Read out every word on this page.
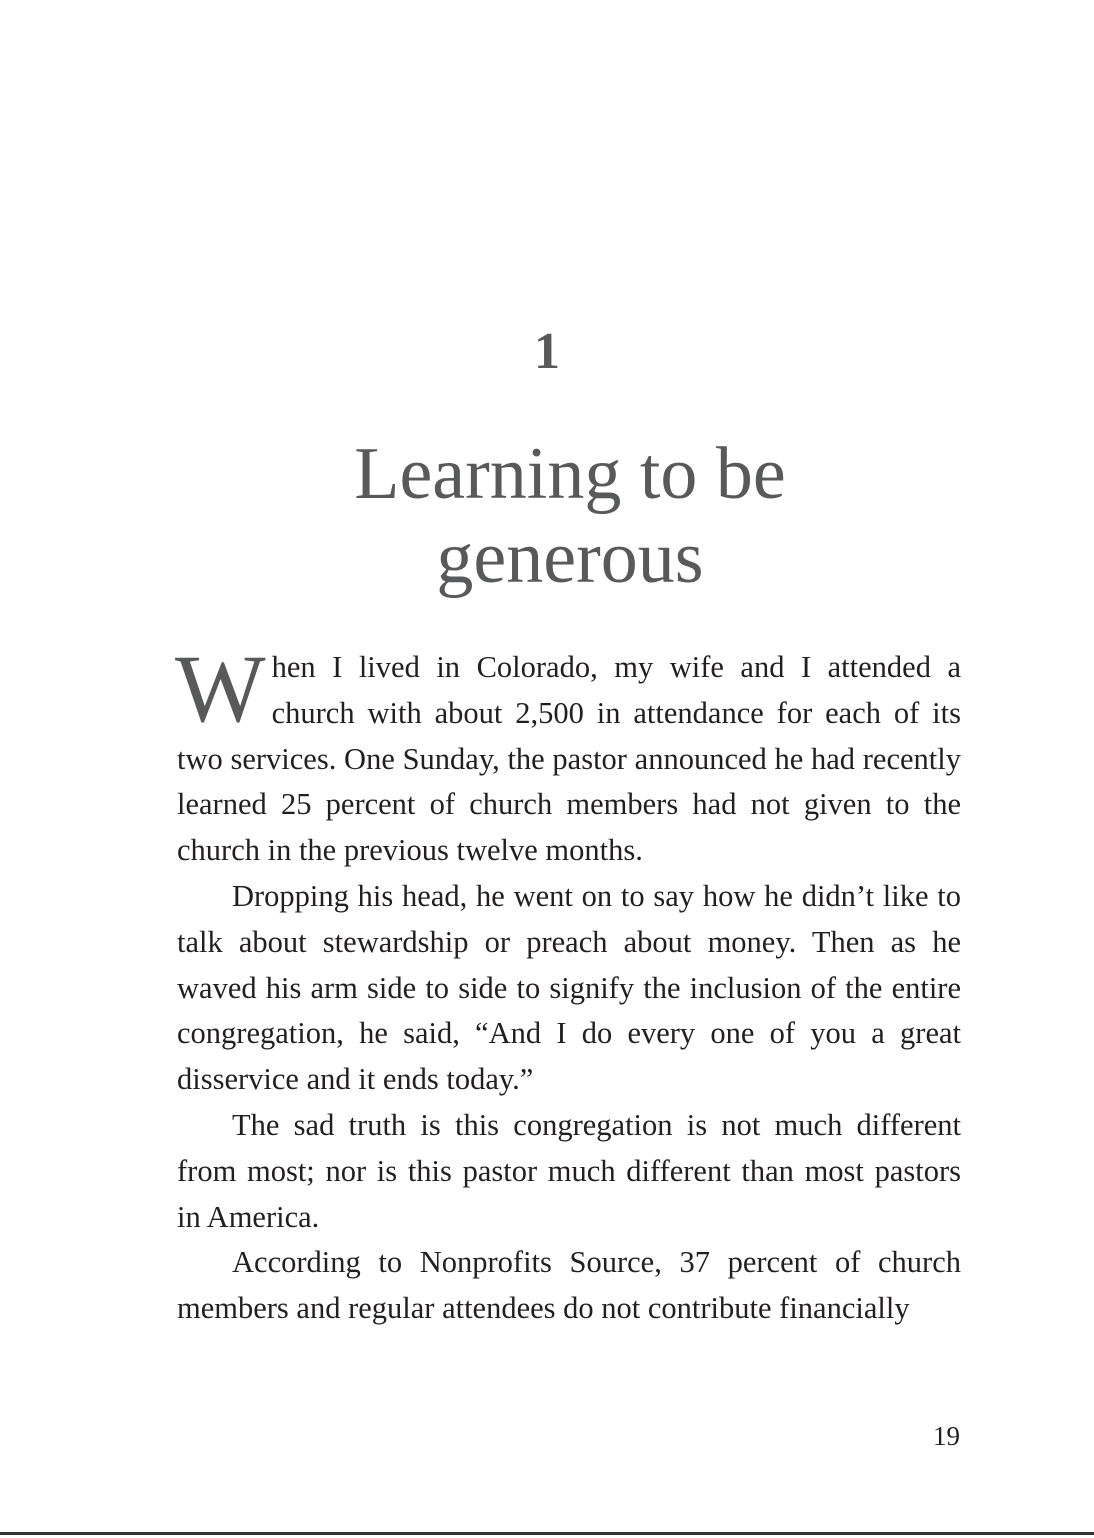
1
Learning to be generous

When I lived in Colorado, my wife and I attended a church with about 2,500 in attendance for each of its two services. One Sunday, the pastor announced he had recently learned 25 percent of church members had not given to the church in the previous twelve months.

Dropping his head, he went on to say how he didn’t like to talk about stewardship or preach about money. Then as he waved his arm side to side to signify the inclusion of the entire congregation, he said, “And I do every one of you a great disservice and it ends today.”

The sad truth is this congregation is not much different from most; nor is this pastor much different than most pastors in America.

According to Nonprofits Source, 37 percent of church members and regular attendees do not contribute financially

19
